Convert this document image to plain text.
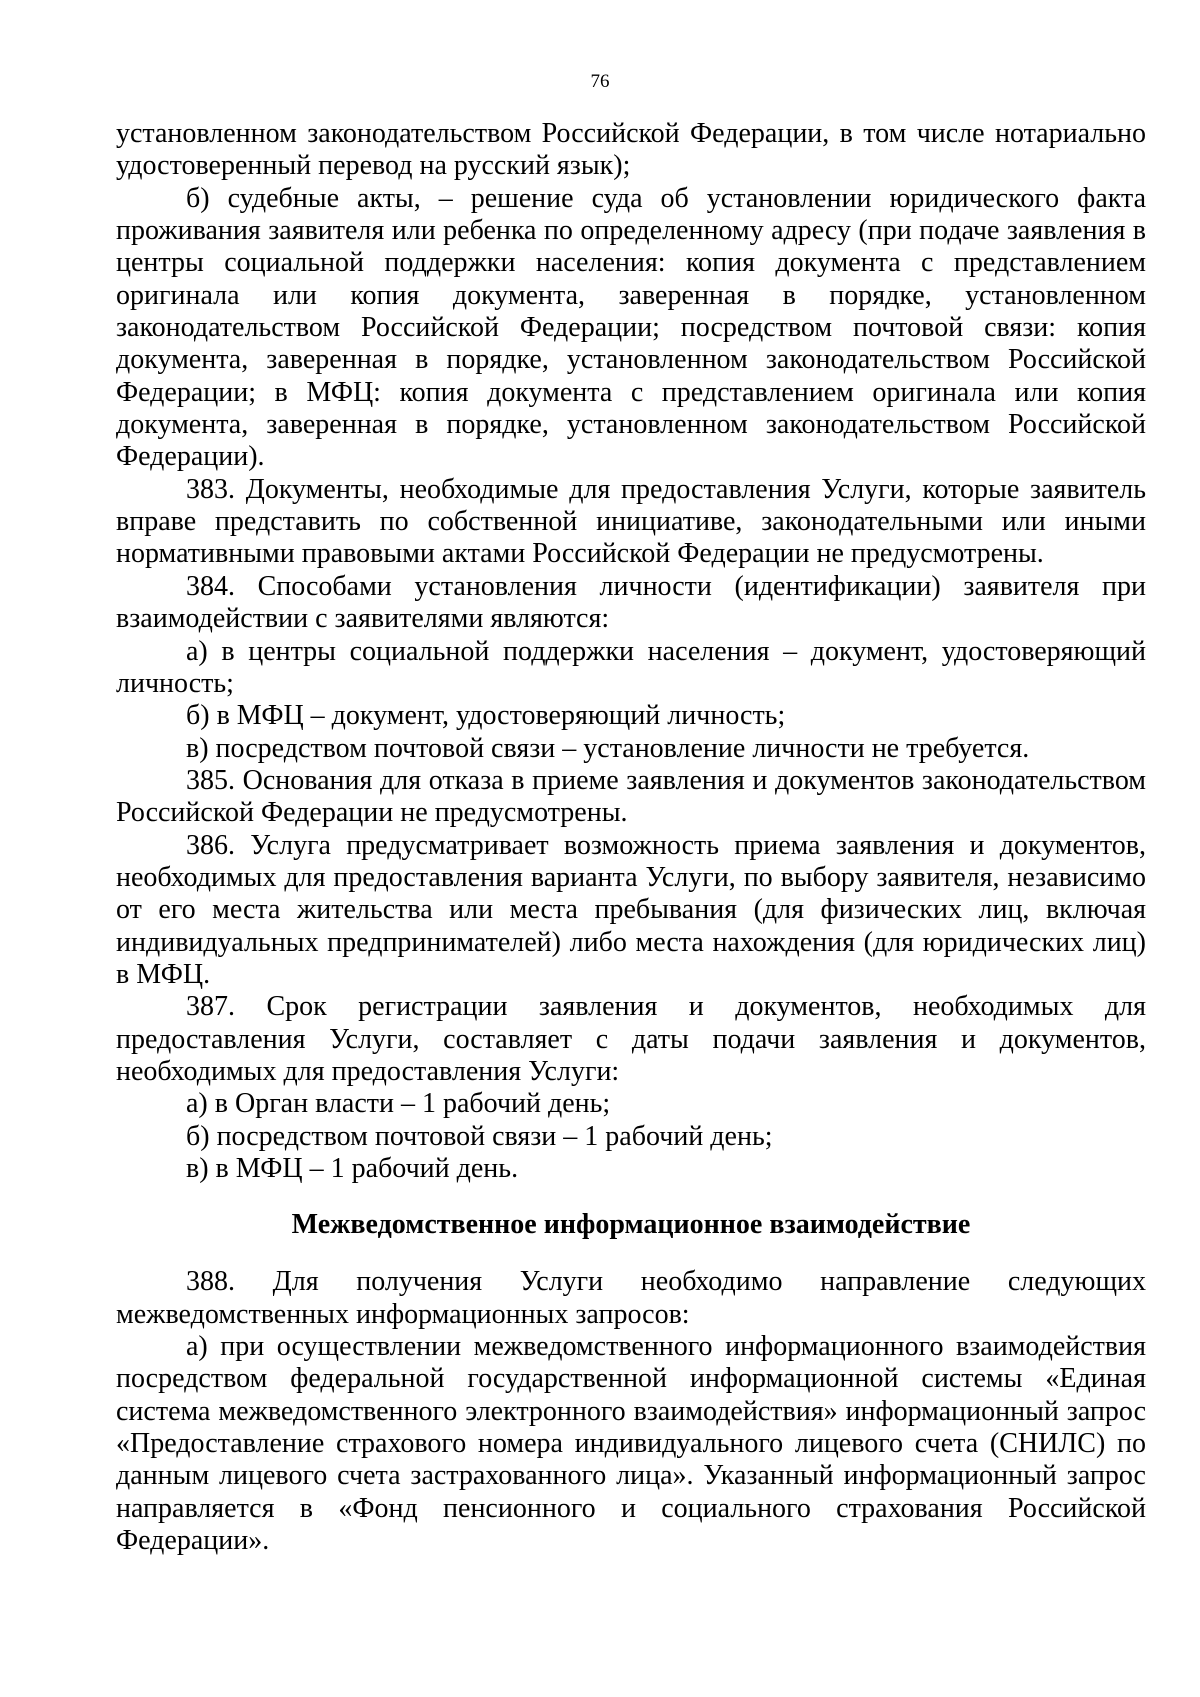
76

установленном законодательством Российской Федерации, в том числе нотариально удостоверенный перевод на русский язык);

б) судебные акты, – решение суда об установлении юридического факта проживания заявителя или ребенка по определенному адресу (при подаче заявления в центры социальной поддержки населения: копия документа с представлением оригинала или копия документа, заверенная в порядке, установленном законодательством Российской Федерации; посредством почтовой связи: копия документа, заверенная в порядке, установленном законодательством Российской Федерации; в МФЦ: копия документа с представлением оригинала или копия документа, заверенная в порядке, установленном законодательством Российской Федерации).

383. Документы, необходимые для предоставления Услуги, которые заявитель вправе представить по собственной инициативе, законодательными или иными нормативными правовыми актами Российской Федерации не предусмотрены.

384. Способами установления личности (идентификации) заявителя при взаимодействии с заявителями являются:

а) в центры социальной поддержки населения – документ, удостоверяющий личность;

б) в МФЦ – документ, удостоверяющий личность;

в) посредством почтовой связи – установление личности не требуется.

385. Основания для отказа в приеме заявления и документов законодательством Российской Федерации не предусмотрены.

386. Услуга предусматривает возможность приема заявления и документов, необходимых для предоставления варианта Услуги, по выбору заявителя, независимо от его места жительства или места пребывания (для физических лиц, включая индивидуальных предпринимателей) либо места нахождения (для юридических лиц) в МФЦ.

387. Срок регистрации заявления и документов, необходимых для предоставления Услуги, составляет с даты подачи заявления и документов, необходимых для предоставления Услуги:

а) в Орган власти – 1 рабочий день;

б) посредством почтовой связи – 1 рабочий день;

в) в МФЦ – 1 рабочий день.

Межведомственное информационное взаимодействие

388. Для получения Услуги необходимо направление следующих межведомственных информационных запросов:

а) при осуществлении межведомственного информационного взаимодействия посредством федеральной государственной информационной системы «Единая система межведомственного электронного взаимодействия» информационный запрос «Предоставление страхового номера индивидуального лицевого счета (СНИЛС) по данным лицевого счета застрахованного лица». Указанный информационный запрос направляется в «Фонд пенсионного и социального страхования Российской Федерации».
